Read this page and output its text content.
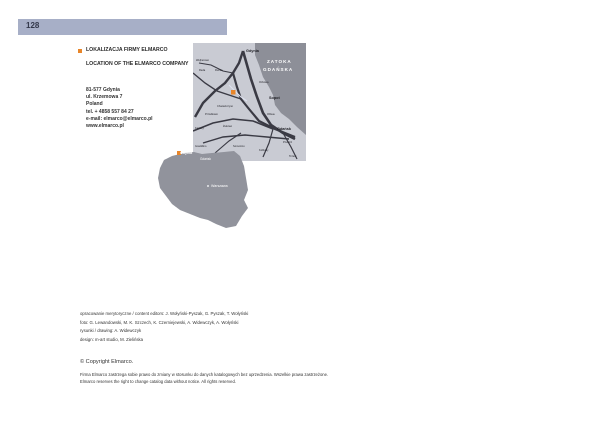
128
LOKALIZACJA FIRMY ELMARCO
LOCATION OF THE ELMARCO COMPANY
81-577 Gdynia
ul. Krzemowa 7
Poland
tel. + 4858 557 84 27
e-mail: elmarco@elmarco.pl
www.elmarco.pl
Gdynia
ZATOKA
GDAŃSKA
Orłowo
Sopot
Oliwa
Gdańsk
Wejherowo
Rumia
Reda
Chwaszczyno
Żukowo
Kartuzy
Pruszcz
Kolbudy
Przodkowo
Tczew
Gowidlino	Somonino
Gdynia
Gdańsk
Warszawa
opracowanie merytoryczne / content editors: J. Wołyński-Pyszak, G. Pyszak, T. Wołyński
foto: G. Lewandowski, M. K. Szczech, K. Czerniejewski, A. Widewczyk, A. Wołyński
rysunki / drawing: A. Widewczyk
design: m-art studio, M. Zielińska
© Copyright Elmarco.
Firma Elmarco zastrzega sobie prawo do zmiany w stosunku do danych katalogowych bez uprzedzenia. Wszelkie prawa zastrzeżone.
Elmarco reserves the right to change catalog data without notice. All rights reserved.
